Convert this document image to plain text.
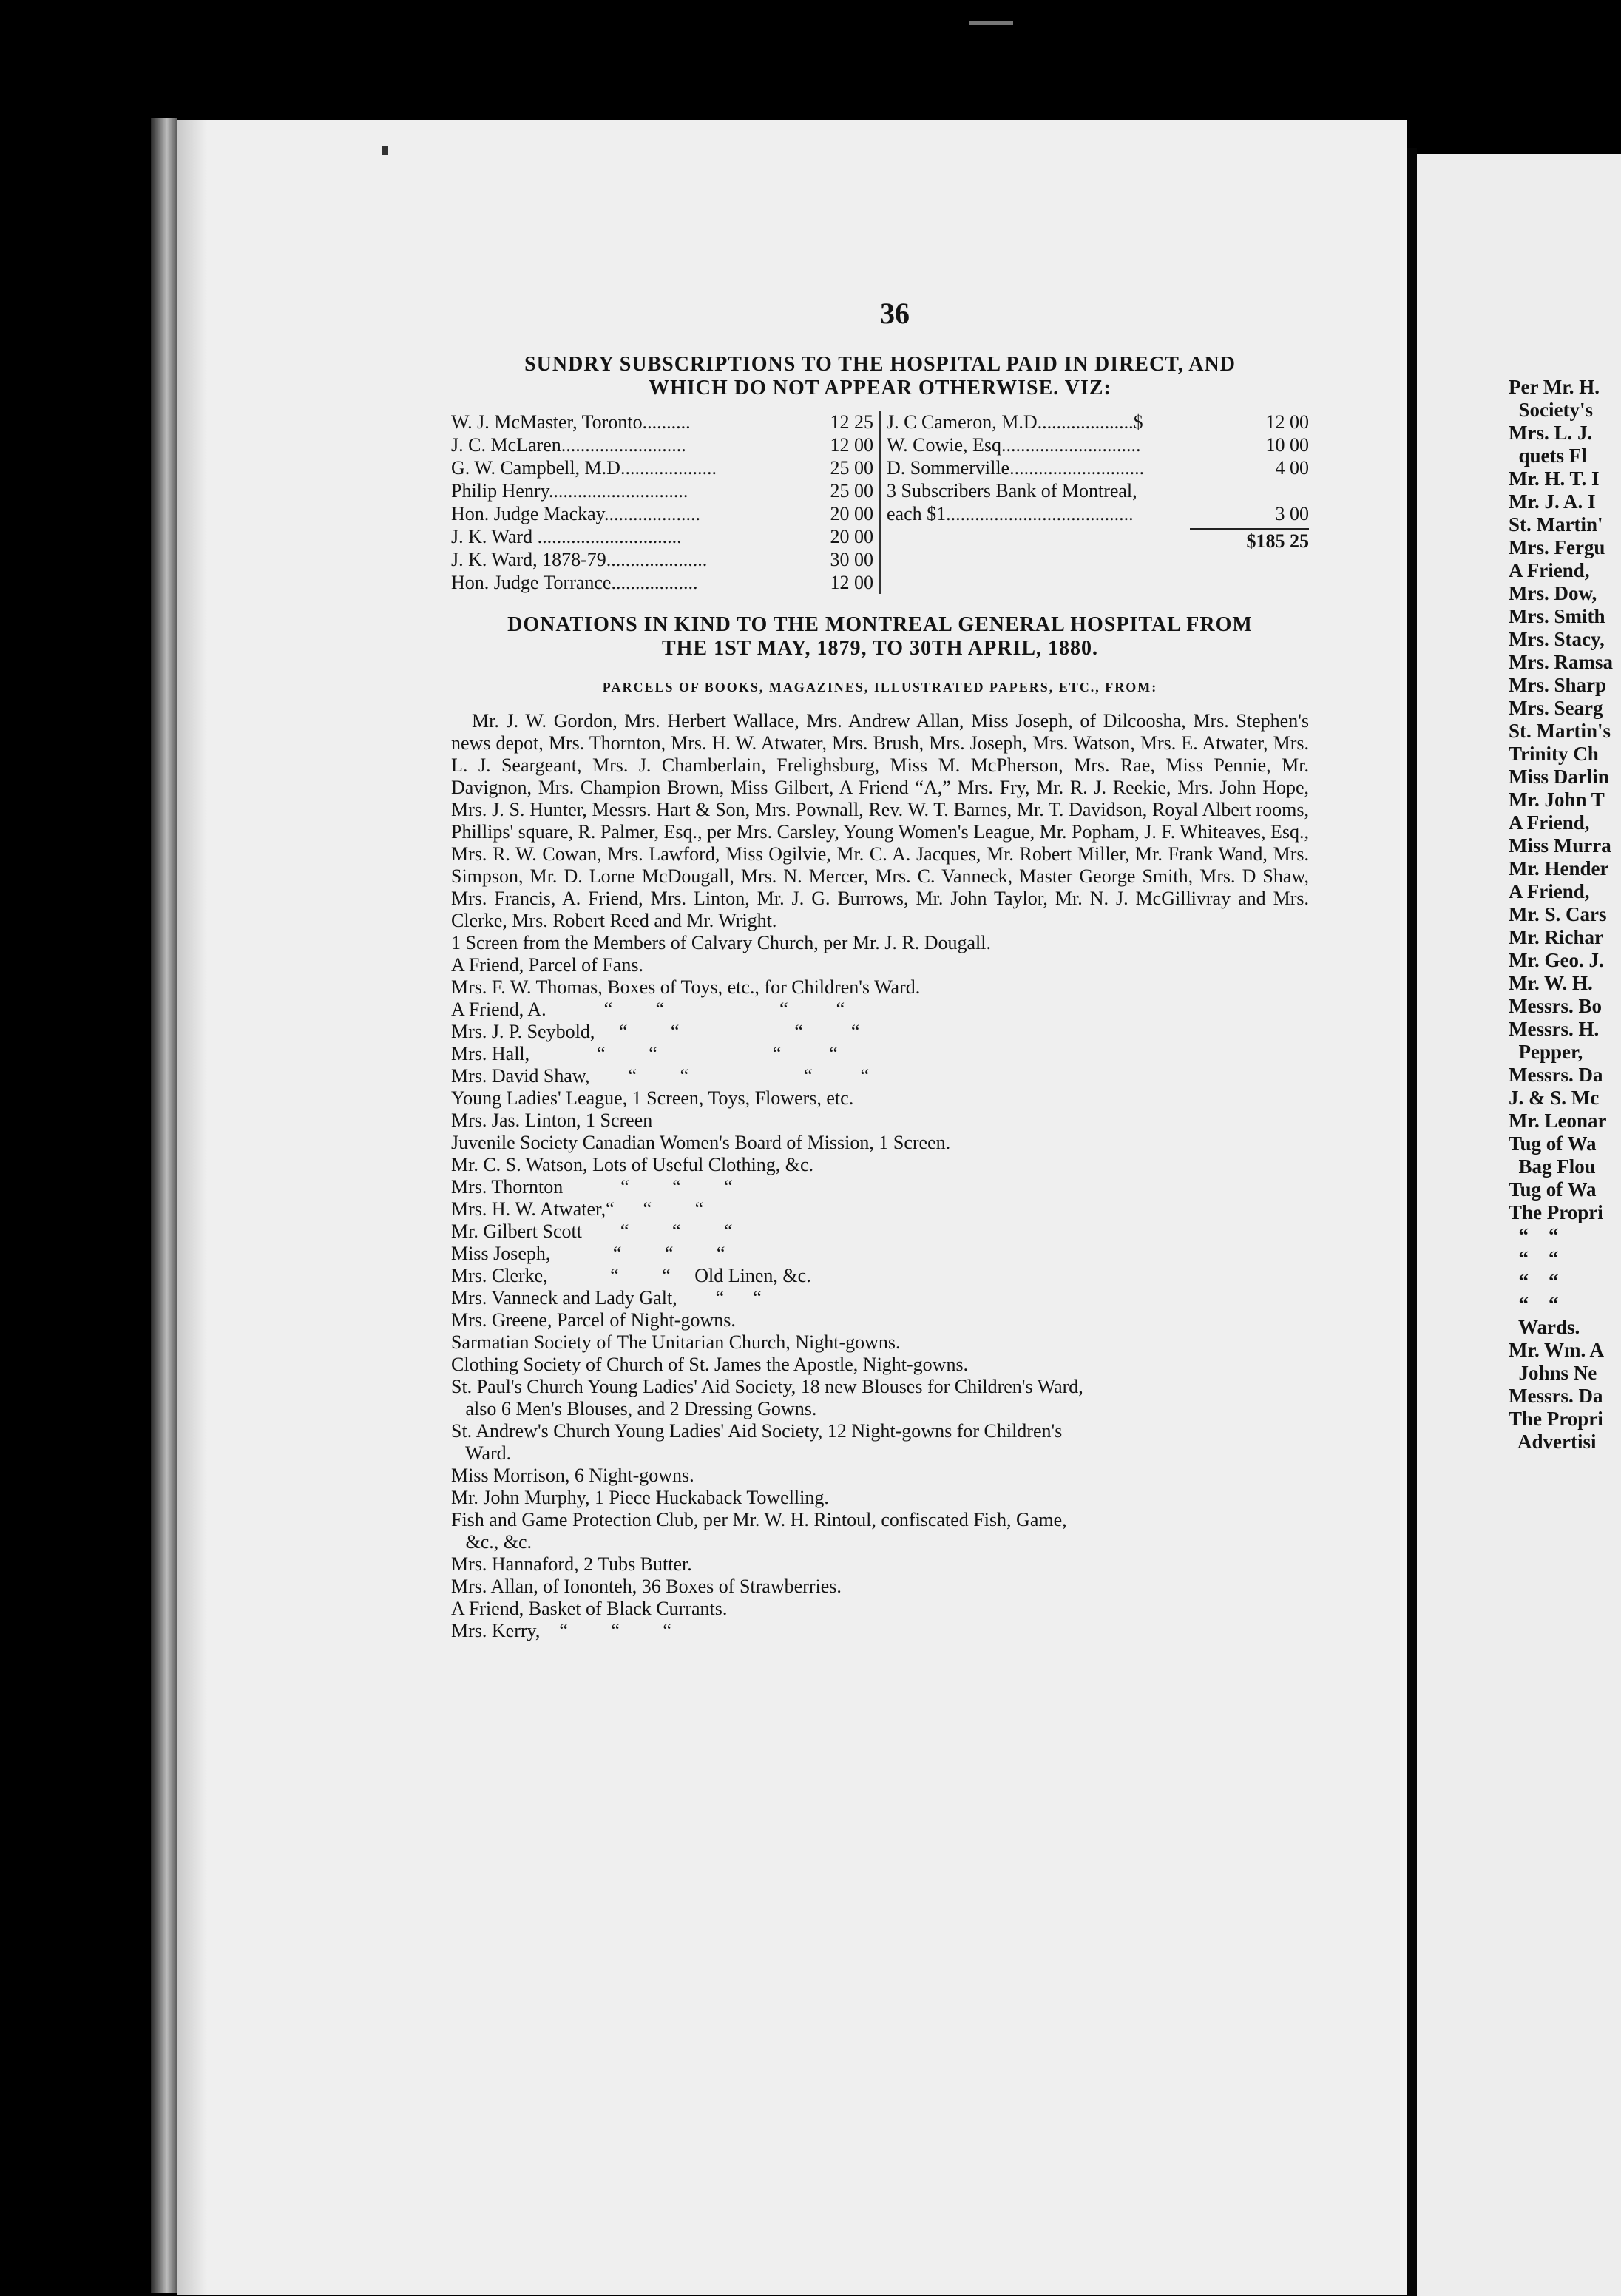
Per Mr. H.
Society's
Mrs. L. J.
quets Fl
Mr. H. T. I
Mr. J. A. I
St. Martin'
Mrs. Fergu
A Friend,
Mrs. Dow,
Mrs. Smith
Mrs. Stacy,
Mrs. Ramsa
Mrs. Sharp
Mrs. Searg
St. Martin's
Trinity Ch
Miss Darlin
Mr. John T
A Friend,
Miss Murra
Mr. Hender
A Friend,
Mr. S. Cars
Mr. Richar
Mr. Geo. J.
Mr. W. H.
Messrs. Bo
Messrs. H.
Pepper,
Messrs. Da
J. & S. Mc
Mr. Leonar
Tug of Wa
Bag Flou
Tug of Wa
The Propri
“    “
“    “
“    “
“    “
Wards.
Mr. Wm. A
Johns Ne
Messrs. Da
The Propri
Advertisi
36
SUNDRY SUBSCRIPTIONS TO THE HOSPITAL PAID IN DIRECT, AND
WHICH DO NOT APPEAR OTHERWISE. VIZ:
W. J. McMaster, Toronto..........	12 25
J. C. McLaren..........................	12 00
G. W. Campbell, M.D....................	25 00
Philip Henry.............................	25 00
Hon. Judge Mackay....................	20 00
J. K. Ward ..............................	20 00
J. K. Ward, 1878-79.....................	30 00
Hon. Judge Torrance..................	12 00
J. C Cameron, M.D....................$	12 00
W. Cowie, Esq.............................	10 00
D. Sommerville............................	4 00
3 Subscribers Bank of Montreal,
each $1.......................................	3 00
$185 25
DONATIONS IN KIND TO THE MONTREAL GENERAL HOSPITAL FROM
THE 1ST MAY, 1879, TO 30TH APRIL, 1880.
PARCELS OF BOOKS, MAGAZINES, ILLUSTRATED PAPERS, ETC., FROM:
Mr. J. W. Gordon, Mrs. Herbert Wallace, Mrs. Andrew Allan, Miss Joseph, of Dilcoosha, Mrs. Stephen's news depot, Mrs. Thornton, Mrs. H. W. Atwater, Mrs. Brush, Mrs. Joseph, Mrs. Watson, Mrs. E. Atwater, Mrs. L. J. Seargeant, Mrs. J. Chamberlain, Frelighsburg, Miss M. McPherson, Mrs. Rae, Miss Pennie, Mr. Davignon, Mrs. Champion Brown, Miss Gilbert, A Friend “A,” Mrs. Fry, Mr. R. J. Reekie, Mrs. John Hope, Mrs. J. S. Hunter, Messrs. Hart & Son, Mrs. Pownall, Rev. W. T. Barnes, Mr. T. Davidson, Royal Albert rooms, Phillips' square, R. Palmer, Esq., per Mrs. Carsley, Young Women's League, Mr. Popham, J. F. Whiteaves, Esq., Mrs. R. W. Cowan, Mrs. Lawford, Miss Ogilvie, Mr. C. A. Jacques, Mr. Robert Miller, Mr. Frank Wand, Mrs. Simpson, Mr. D. Lorne McDougall, Mrs. N. Mercer, Mrs. C. Vanneck, Master George Smith, Mrs. D Shaw, Mrs. Francis, A. Friend, Mrs. Linton, Mr. J. G. Burrows, Mr. John Taylor, Mr. N. J. McGillivray and Mrs. Clerke, Mrs. Robert Reed and Mr. Wright.
1 Screen from the Members of Calvary Church, per Mr. J. R. Dougall.
A Friend, Parcel of Fans.
Mrs. F. W. Thomas, Boxes of Toys, etc., for Children's Ward.
A Friend, A.            “         “                        “          “
Mrs. J. P. Seybold,     “         “                        “          “
Mrs. Hall,              “         “                        “          “
Mrs. David Shaw,        “         “                        “          “
Young Ladies' League, 1 Screen, Toys, Flowers, etc.
Mrs. Jas. Linton, 1 Screen
Juvenile Society Canadian Women's Board of Mission, 1 Screen.
Mr. C. S. Watson, Lots of Useful Clothing, &c.
Mrs. Thornton            “         “         “
Mrs. H. W. Atwater,“      “         “
Mr. Gilbert Scott        “         “         “
Miss Joseph,             “         “         “
Mrs. Clerke,             “         “     Old Linen, &c.
Mrs. Vanneck and Lady Galt,        “      “
Mrs. Greene, Parcel of Night-gowns.
Sarmatian Society of The Unitarian Church, Night-gowns.
Clothing Society of Church of St. James the Apostle, Night-gowns.
St. Paul's Church Young Ladies' Aid Society, 18 new Blouses for Children's Ward,
also 6 Men's Blouses, and 2 Dressing Gowns.
St. Andrew's Church Young Ladies' Aid Society, 12 Night-gowns for Children's
Ward.
Miss Morrison, 6 Night-gowns.
Mr. John Murphy, 1 Piece Huckaback Towelling.
Fish and Game Protection Club, per Mr. W. H. Rintoul, confiscated Fish, Game,
&c., &c.
Mrs. Hannaford, 2 Tubs Butter.
Mrs. Allan, of Iononteh, 36 Boxes of Strawberries.
A Friend, Basket of Black Currants.
Mrs. Kerry,    “         “         “
